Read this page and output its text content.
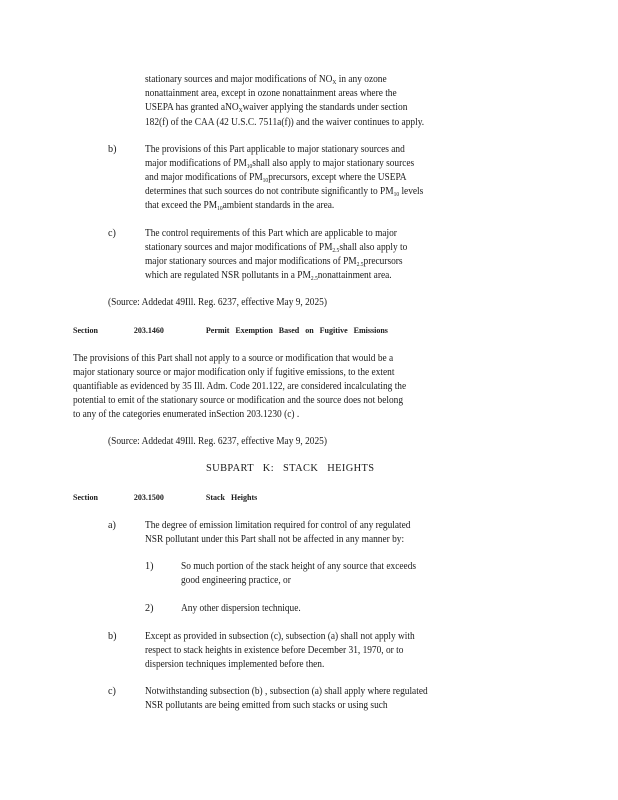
stationary sources and major modifications of $NO_X$ in any ozone
nonattainment area, except in ozone nonattainment areas where the
USEPA has granted aNO$_X$waiver applying the standards under section
182(f) of the CAA (42 U.S.C. 7511a(f)) and the waiver continues to apply.
b)	The provisions of this Part applicable to major stationary sources and
major modifications of $PM_{10}shall$ also apply to major stationary sources
and major modifications of $PM_{10}precursors$, except where the USEPA
determines that such sources do not contribute significantly to $PM_{10}$ levels
that exceed the $PM_{10}ambient$ standards in the area.
c)	The control requirements of this Part which are applicable to major
stationary sources and major modifications of $PM_{2.5}shall$ also apply to
major stationary sources and major modifications of $PM_{2.5}precursors$
which are regulated NSR pollutants in a $PM_{2.5}nonattainment$ area.
(Source: Addedat 49Ill. Reg. 6237, effective May 9, 2025)
Section	203.1460	Permit Exemption Based on Fugitive Emissions
The provisions of this Part shall not apply to a source or modification that would be a
major stationary source or major modification only if fugitive emissions, to the extent
quantifiable as evidenced by 35 Ill. Adm. Code 201.122, are considered incalculating the
potential to emit of the stationary source or modification and the source does not belong
to any of the categories enumerated inSection 203.1230 (c) .
(Source: Addedat 49Ill. Reg. 6237, effective May 9, 2025)
SUBPART K: STACK HEIGHTS
Section	203.1500	Stack Heights
a)	The degree of emission limitation required for control of any regulated
NSR pollutant under this Part shall not be affected in any manner by:
1)	So much portion of the stack height of any source that exceeds
good engineering practice, or
2)	Any other dispersion technique.
b)	Except as provided in subsection (c), subsection (a) shall not apply with
respect to stack heights in existence before December 31, 1970, or to
dispersion techniques implemented before then.
c)	Notwithstanding subsection (b) , subsection (a) shall apply where regulated
NSR pollutants are being emitted from such stacks or using such
